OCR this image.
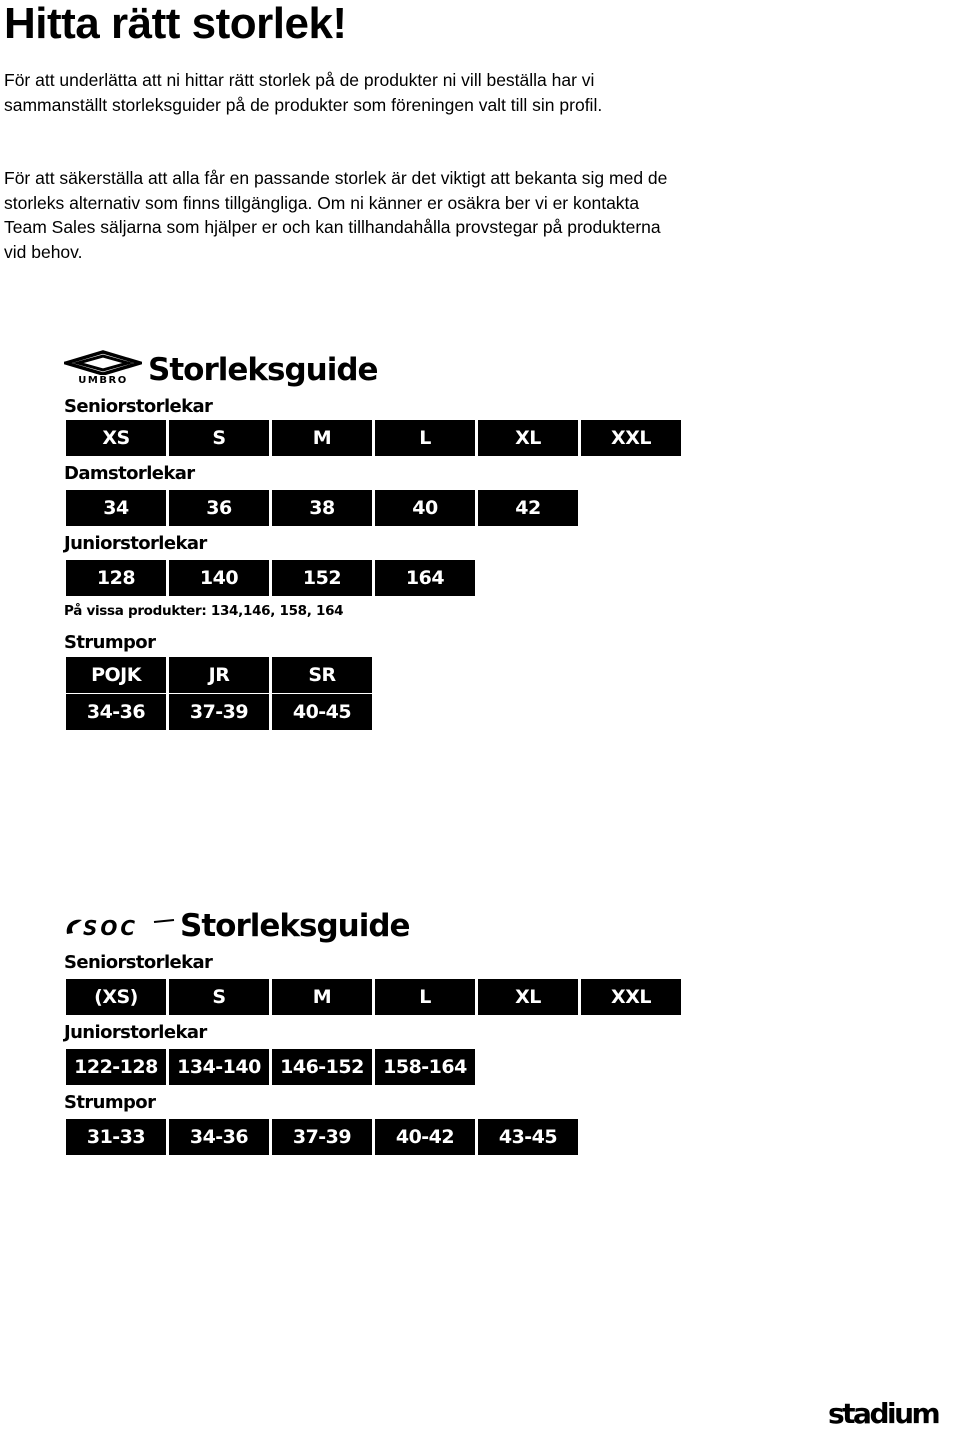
Hitta rätt storlek!

För att underlätta att ni hittar rätt storlek på de produkter ni vill beställa har vi sammanställt storleksguider på de produkter som föreningen valt till sin profil.

För att säkerställa att alla får en passande storlek är det viktigt att bekanta sig med de storleks alternativ som finns tillgängliga. Om ni känner er osäkra ber vi er kontakta Team Sales säljarna som hjälper er och kan tillhandahålla provstegar på produkterna vid behov.

UMBRO Storleksguide

Seniorstorlekar

XS	S	M	L	XL	XXL

Damstorlekar

34	36	38	40	42

Juniorstorlekar

128	140	152	164

På vissa produkter: 134,146, 158, 164

Strumpor

POJK	JR	SR
34-36	37-39	40-45
SOC Storleksguide

Seniorstorlekar

(XS)	S	M	L	XL	XXL

Juniorstorlekar

122-128	134-140	146-152	158-164

Strumpor

31-33	34-36	37-39	40-42	43-45
stadium
